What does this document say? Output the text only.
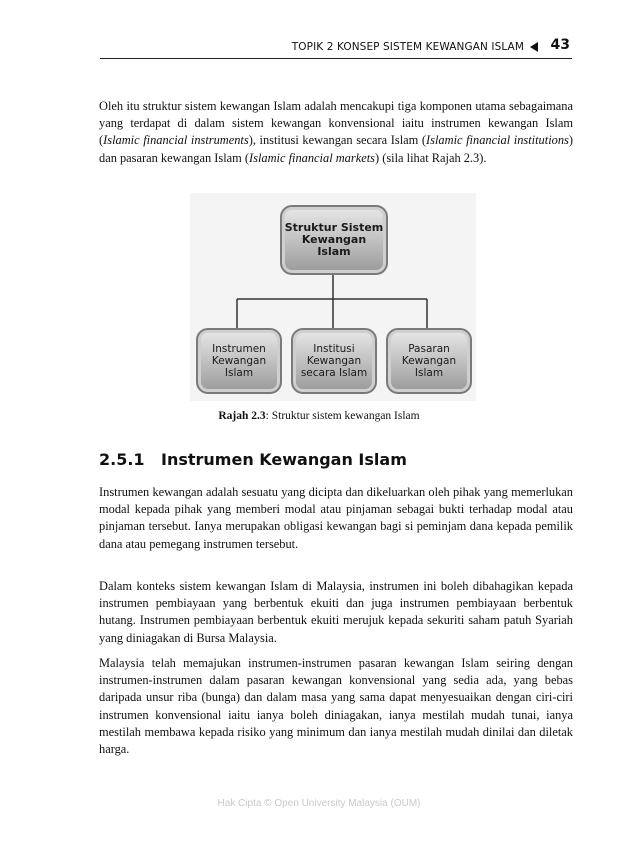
TOPIK 2 KONSEP SISTEM KEWANGAN ISLAM 43

Oleh itu struktur sistem kewangan Islam adalah mencakupi tiga komponen utama sebagaimana yang terdapat di dalam sistem kewangan konvensional iaitu instrumen kewangan Islam (Islamic financial instruments), institusi kewangan secara Islam (Islamic financial institutions) dan pasaran kewangan Islam (Islamic financial markets) (sila lihat Rajah 2.3).

Struktur Sistem
Kewangan
Islam
Instrumen
Kewangan
Islam
Institusi
Kewangan
secara Islam
Pasaran
Kewangan
Islam
Rajah 2.3: Struktur sistem kewangan Islam
2.5.1 Instrumen Kewangan Islam

Instrumen kewangan adalah sesuatu yang dicipta dan dikeluarkan oleh pihak yang memerlukan modal kepada pihak yang memberi modal atau pinjaman sebagai bukti terhadap modal atau pinjaman tersebut. Ianya merupakan obligasi kewangan bagi si peminjam dana kepada pemilik dana atau pemegang instrumen tersebut.

Dalam konteks sistem kewangan Islam di Malaysia, instrumen ini boleh dibahagikan kepada instrumen pembiayaan yang berbentuk ekuiti dan juga instrumen pembiayaan berbentuk hutang. Instrumen pembiayaan berbentuk ekuiti merujuk kepada sekuriti saham patuh Syariah yang diniagakan di Bursa Malaysia.

Malaysia telah memajukan instrumen-instrumen pasaran kewangan Islam seiring dengan instrumen-instrumen dalam pasaran kewangan konvensional yang sedia ada, yang bebas daripada unsur riba (bunga) dan dalam masa yang sama dapat menyesuaikan dengan ciri-ciri instrumen konvensional iaitu ianya boleh diniagakan, ianya mestilah mudah tunai, ianya mestilah membawa kepada risiko yang minimum dan ianya mestilah mudah dinilai dan diletak harga.

Hak Cipta © Open University Malaysia (OUM)
